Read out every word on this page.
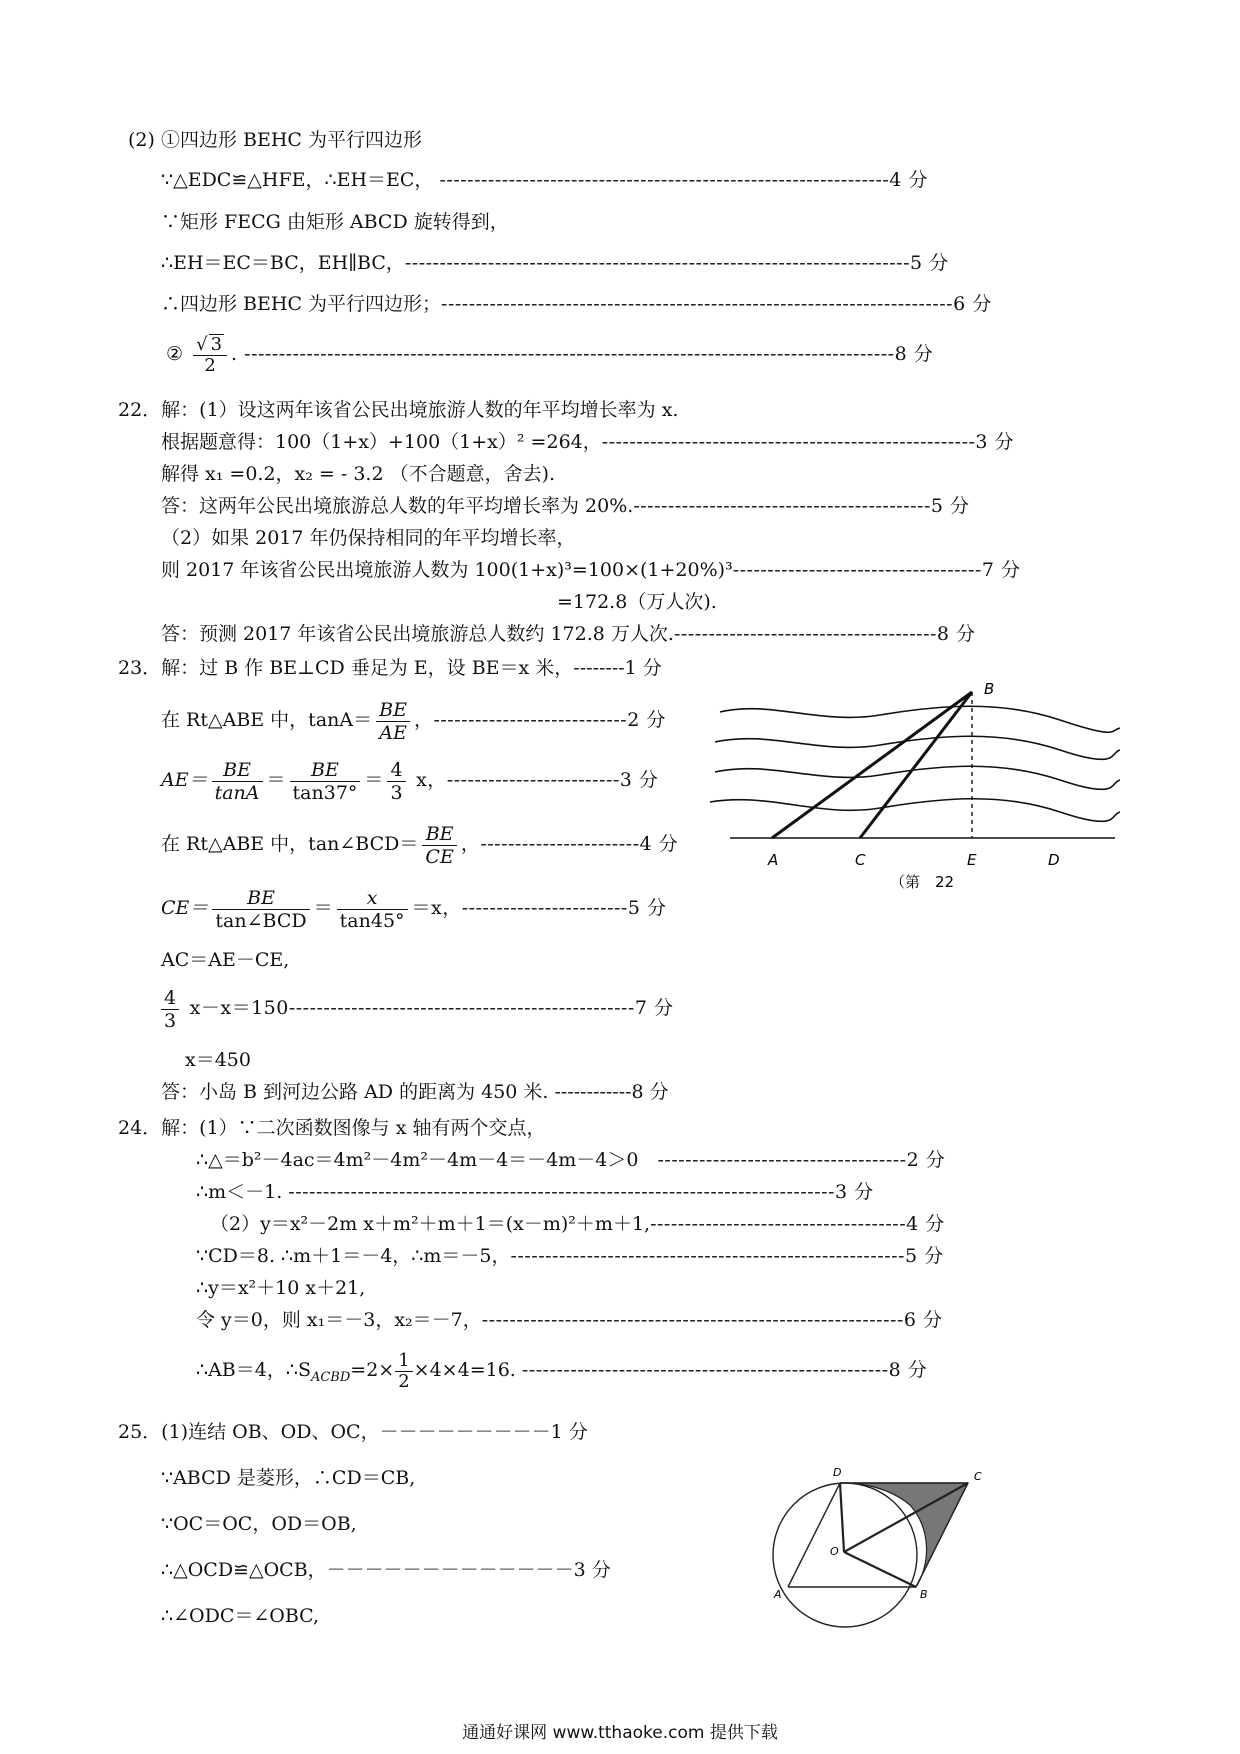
(2) ①四边形 BEHC 为平行四边形
∵△EDC≌△HFE，∴EH＝EC， -----------------------------------------------------------------4 分
∵矩形 FECG 由矩形 ABCD 旋转得到，
∴EH＝EC＝BC，EH∥BC，-------------------------------------------------------------------------5 分
∴四边形 BEHC 为平行四边形；--------------------------------------------------------------------------6 分
② $\frac{√ 3}{2}$ . ----------------------------------------------------------------------------------------------8 分
22．解：(1）设这两年该省公民出境旅游人数的年平均增长率为 x.
根据题意得：100（1+x）+100（1+x）² =264，------------------------------------------------------3 分
解得 x₁ =0.2，x₂ = - 3.2 （不合题意，舍去).
答：这两年公民出境旅游总人数的年平均增长率为 20%.-------------------------------------------5 分
（2）如果 2017 年仍保持相同的年平均增长率，
则 2017 年该省公民出境旅游人数为 100(1+x)³=100×(1+20%)³------------------------------------7 分
=172.8（万人次).
答：预测 2017 年该省公民出境旅游总人数约 172.8 万人次.--------------------------------------8 分
23．解：过 B 作 BE⊥CD 垂足为 E，设 BE＝x 米，--------1 分
在 Rt△ABE 中，$\tan A= \frac{BE}{AE}$ ，----------------------------2 分
$AE= \frac{BE}{\tan A} = \frac{BE}{\tan 37^\circ} = \frac{4}{3}$ x，-------------------------3 分
在 Rt△ABE 中，tan∠BCD＝ $\frac{BE}{CE}$ ，-----------------------4 分
$CE= \frac{BE}{\text{tan∠BCD}} = \frac{x}{\tan 45^\circ} =x$，------------------------5 分
AC＝AE－CE,
$\frac{4}{3} x-x=150--------------------------------------------------7$ 分
x＝450
答：小岛 B 到河边公路 AD 的距离为 450 米. ------------8 分
B
A	C	E	D
（第　22
24．解：(1）∵二次函数图像与 x 轴有两个交点，
∴△＝b²－4ac＝4m²－4m²－4m－4＝－4m－4＞0　 ------------------------------------2 分
∴m＜－1. -------------------------------------------------------------------------------3 分
（2）y＝x²－2m x＋m²＋m＋1＝(x－m)²＋m＋1,-------------------------------------4 分
∵CD＝8. ∴m＋1＝－4，∴m＝－5，---------------------------------------------------------5 分
∴y＝x²＋10 x＋21,
令 y＝0，则 x₁＝－3，x₂＝－7，-------------------------------------------------------------6 分
∴AB＝4，$\therefore S_{ACBD}=2\times \frac{1}{2} \times 4\times 4=16$. -----------------------------------------------------8 分
25．(1)连结 OB、OD、OC，－－－－－－－－－1 分
∵ABCD 是菱形，∴CD＝CB,
∵OC＝OC，OD＝OB,
∴△OCD≌△OCB，－－－－－－－－－－－－－3 分
∴∠ODC＝∠OBC,
D	C
O
A	B
通通好课网 www.tthaoke.com 提供下载
